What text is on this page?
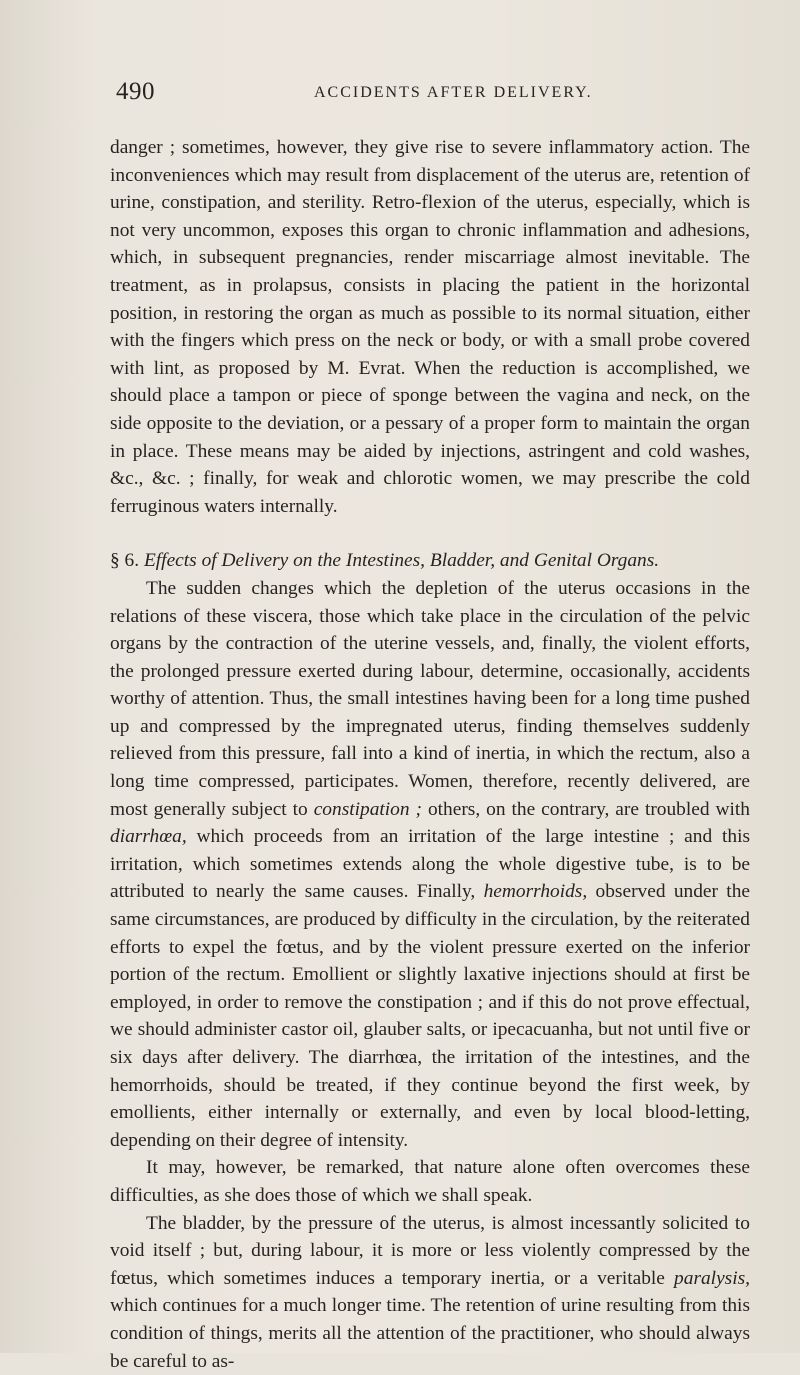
490	ACCIDENTS AFTER DELIVERY.

danger ; sometimes, however, they give rise to severe inflammatory action. The inconveniences which may result from displacement of the uterus are, retention of urine, constipation, and sterility. Retro-flexion of the uterus, especially, which is not very uncommon, exposes this organ to chronic inflammation and adhesions, which, in subsequent pregnancies, render miscarriage almost inevitable. The treatment, as in prolapsus, consists in placing the patient in the horizontal position, in restoring the organ as much as possible to its normal situation, either with the fingers which press on the neck or body, or with a small probe covered with lint, as proposed by M. Evrat. When the reduction is accomplished, we should place a tampon or piece of sponge between the vagina and neck, on the side opposite to the deviation, or a pessary of a proper form to maintain the organ in place. These means may be aided by injections, astringent and cold washes, &c., &c. ; finally, for weak and chlorotic women, we may prescribe the cold ferruginous waters internally.

§ 6. Effects of Delivery on the Intestines, Bladder, and Genital Organs.

The sudden changes which the depletion of the uterus occasions in the relations of these viscera, those which take place in the circulation of the pelvic organs by the contraction of the uterine vessels, and, finally, the violent efforts, the prolonged pressure exerted during labour, determine, occasionally, accidents worthy of attention. Thus, the small intestines having been for a long time pushed up and compressed by the impregnated uterus, finding themselves suddenly relieved from this pressure, fall into a kind of inertia, in which the rectum, also a long time compressed, participates. Women, therefore, recently delivered, are most generally subject to constipation ; others, on the contrary, are troubled with diarrhœa, which proceeds from an irritation of the large intestine ; and this irritation, which sometimes extends along the whole digestive tube, is to be attributed to nearly the same causes. Finally, hemorrhoids, observed under the same circumstances, are produced by difficulty in the circulation, by the reiterated efforts to expel the fœtus, and by the violent pressure exerted on the inferior portion of the rectum. Emollient or slightly laxative injections should at first be employed, in order to remove the constipation ; and if this do not prove effectual, we should administer castor oil, glauber salts, or ipecacuanha, but not until five or six days after delivery. The diarrhœa, the irritation of the intestines, and the hemorrhoids, should be treated, if they continue beyond the first week, by emollients, either internally or externally, and even by local blood-letting, depending on their degree of intensity.

It may, however, be remarked, that nature alone often overcomes these difficulties, as she does those of which we shall speak.

The bladder, by the pressure of the uterus, is almost incessantly solicited to void itself ; but, during labour, it is more or less violently compressed by the fœtus, which sometimes induces a temporary inertia, or a veritable paralysis, which continues for a much longer time. The retention of urine resulting from this condition of things, merits all the attention of the practitioner, who should always be careful to as-
